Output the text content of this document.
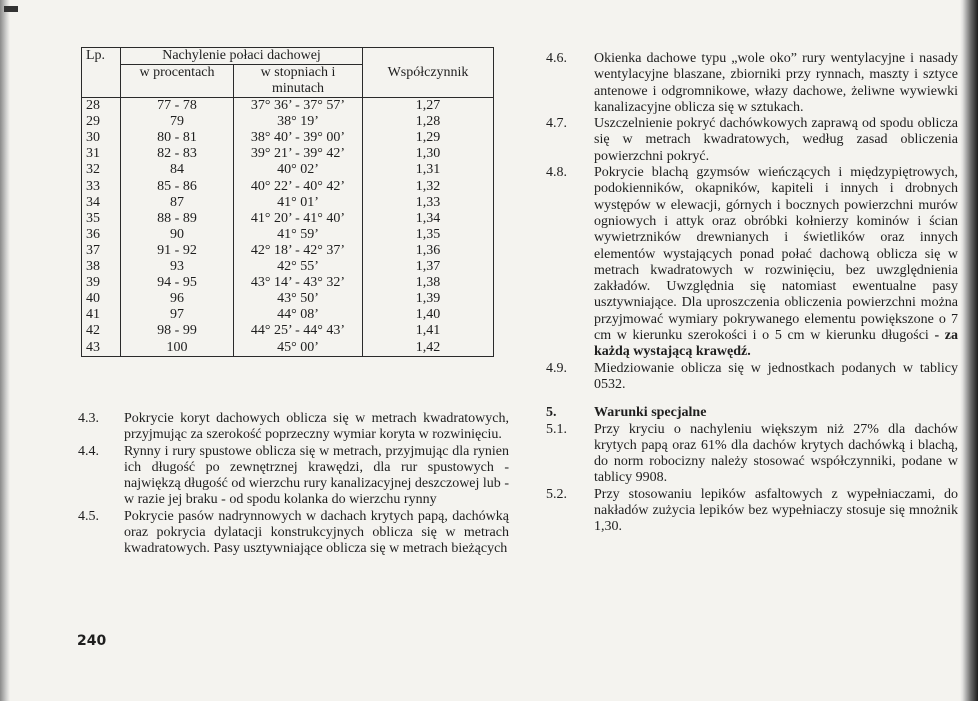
Lp.	Nachylenie połaci dachowej		Współczynnik
	w procentach	w stopniach i minutach	
28	77 - 78	37° 36’ - 37° 57’	1,27
29	79	38° 19’	1,28
30	80 - 81	38° 40’ - 39° 00’	1,29
31	82 - 83	39° 21’ - 39° 42’	1,30
32	84	40° 02’	1,31
33	85 - 86	40° 22’ - 40° 42’	1,32
34	87	41° 01’	1,33
35	88 - 89	41° 20’ - 41° 40’	1,34
36	90	41° 59’	1,35
37	91 - 92	42° 18’ - 42° 37’	1,36
38	93	42° 55’	1,37
39	94 - 95	43° 14’ - 43° 32’	1,38
40	96	43° 50’	1,39
41	97	44° 08’	1,40
42	98 - 99	44° 25’ - 44° 43’	1,41
43	100	45° 00’	1,42
4.3.	Pokrycie koryt dachowych oblicza się w metrach kwadratowych, przyjmując za szerokość poprzeczny wymiar koryta w rozwinięciu.
4.4.	Rynny i rury spustowe oblicza się w metrach, przyjmując dla rynien ich długość po zewnętrznej krawędzi, dla rur spustowych - najwiękzą długość od wierzchu rury kanalizacyjnej deszczowej lub - w razie jej braku - od spodu kolanka do wierzchu rynny
4.5.	Pokrycie pasów nadrynnowych w dachach krytych papą, dachówką oraz pokrycia dylatacji konstrukcyjnych oblicza się w metrach kwadratowych. Pasy usztywniające oblicza się w metrach bieżących
4.6.	Okienka dachowe typu „wole oko” rury wentylacyjne i nasady wentylacyjne blaszane, zbiorniki przy rynnach, maszty i sztyce antenowe i odgromnikowe, włazy dachowe, żeliwne wywiewki kanalizacyjne oblicza się w sztukach.
4.7.	Uszczelnienie pokryć dachówkowych zaprawą od spodu oblicza się w metrach kwadratowych, według zasad obliczenia powierzchni pokryć.
4.8.	Pokrycie blachą gzymsów wieńczących i międzypiętrowych, podokienników, okapników, kapiteli i innych i drobnych występów w elewacji, górnych i bocznych powierzchni murów ogniowych i attyk oraz obróbki kołnierzy kominów i ścian wywietrzników drewnianych i świetlików oraz innych elementów wystających ponad połać dachową oblicza się w metrach kwadratowych w rozwinięciu, bez uwzględnienia zakładów. Uwzględnia się natomiast ewentualne pasy usztywniające. Dla uproszczenia obliczenia powierzchni można przyjmować wymiary pokrywanego elementu powiększone o 7 cm w kierunku szerokości i o 5 cm w kierunku długości - za każdą wystającą krawędź.
4.9.	Miedziowanie oblicza się w jednostkach podanych w tablicy 0532.
5.	Warunki specjalne
5.1.	Przy kryciu o nachyleniu większym niż 27% dla dachów krytych papą oraz 61% dla dachów krytych dachówką i blachą, do norm robocizny należy stosować współczynniki, podane w tablicy 9908.
5.2.	Przy stosowaniu lepików asfaltowych z wypełniaczami, do nakładów zużycia lepików bez wypełniaczy stosuje się mnożnik 1,30.
240
